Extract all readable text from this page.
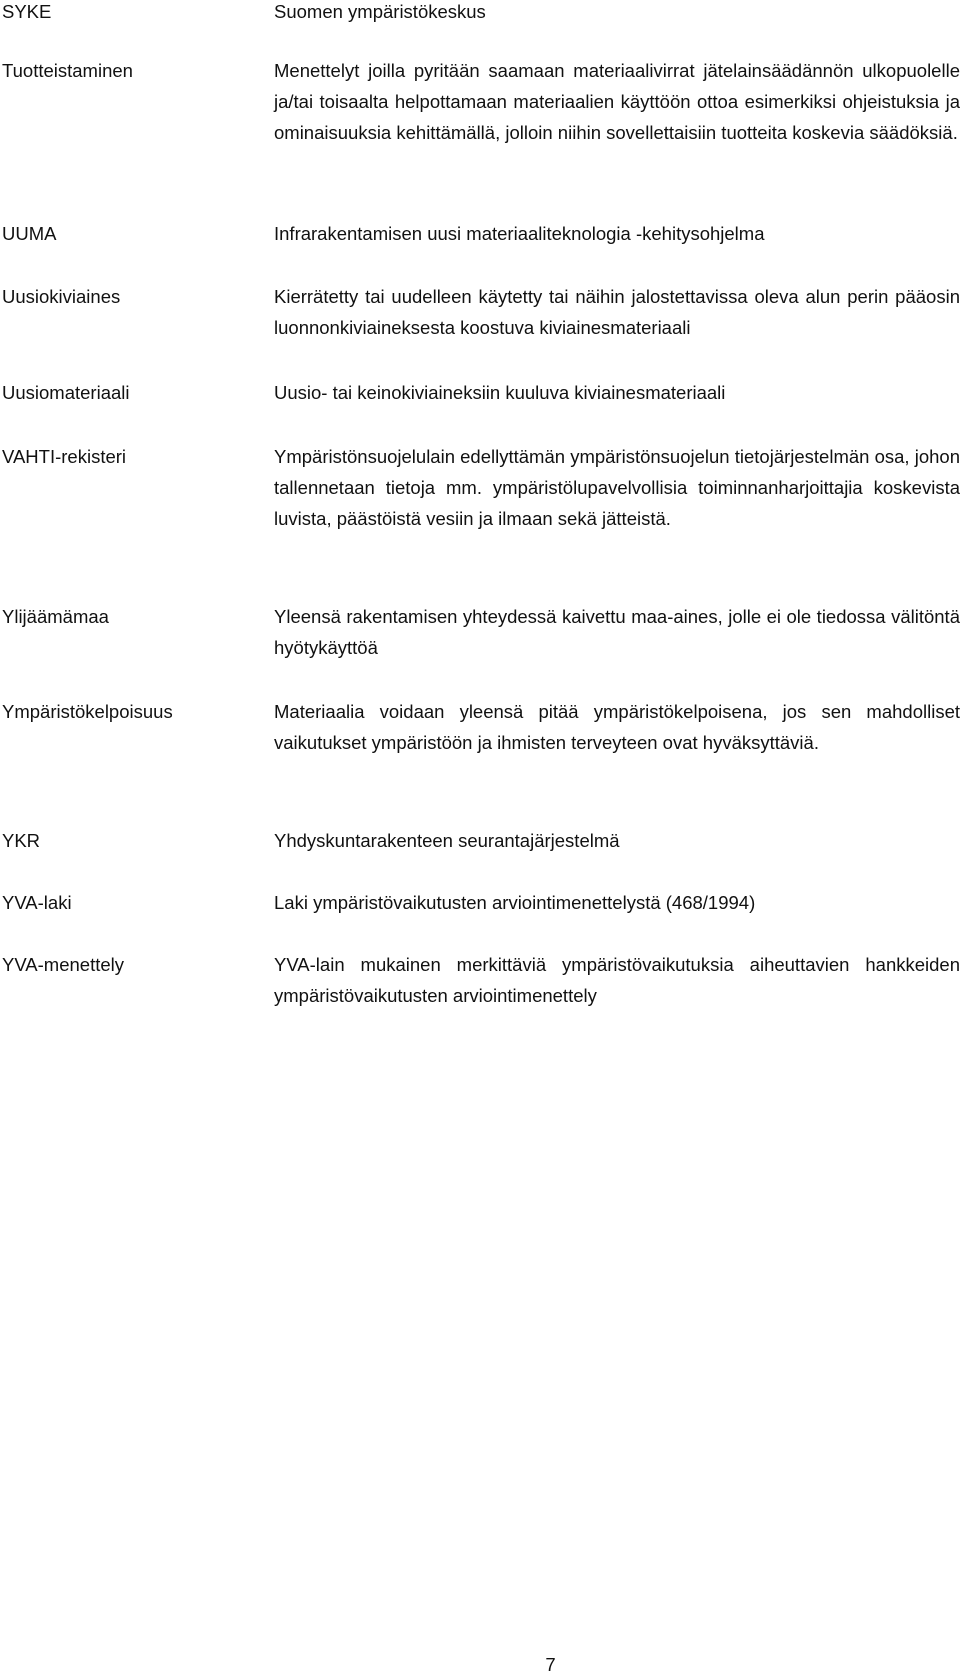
SYKE	Suomen ympäristökeskus
Tuotteistaminen	Menettelyt joilla pyritään saamaan materiaalivirrat jätelainsäädännön ulkopuolelle ja/tai toisaalta helpottamaan materiaalien käyttöön ottoa esimerkiksi ohjeistuksia ja ominaisuuksia kehittämällä, jolloin niihin sovellettaisiin tuotteita koskevia säädöksiä.
UUMA	Infrarakentamisen uusi materiaaliteknologia -kehitysohjelma
Uusiokiviaines	Kierrätetty tai uudelleen käytetty tai näihin jalostettavissa oleva alun perin pääosin luonnonkiviaineksesta koostuva kiviainesmateriaali
Uusiomateriaali	Uusio- tai keinokiviaineksiin kuuluva kiviainesmateriaali
VAHTI-rekisteri	Ympäristönsuojelulain edellyttämän ympäristönsuojelun tietojärjestelmän osa, johon tallennetaan tietoja mm. ympäristölupavelvollisia toiminnanharjoittajia koskevista luvista, päästöistä vesiin ja ilmaan sekä jätteistä.
Ylijäämämaa	Yleensä rakentamisen yhteydessä kaivettu maa-aines, jolle ei ole tiedossa välitöntä hyötykäyttöä
Ympäristökelpoisuus	Materiaalia voidaan yleensä pitää ympäristökelpoisena, jos sen mahdolliset vaikutukset ympäristöön ja ihmisten terveyteen ovat hyväksyttäviä.
YKR	Yhdyskuntarakenteen seurantajärjestelmä
YVA-laki	Laki ympäristövaikutusten arviointimenettelystä (468/1994)
YVA-menettely	YVA-lain mukainen merkittäviä ympäristövaikutuksia aiheuttavien hankkeiden ympäristövaikutusten arviointimenettely
7
